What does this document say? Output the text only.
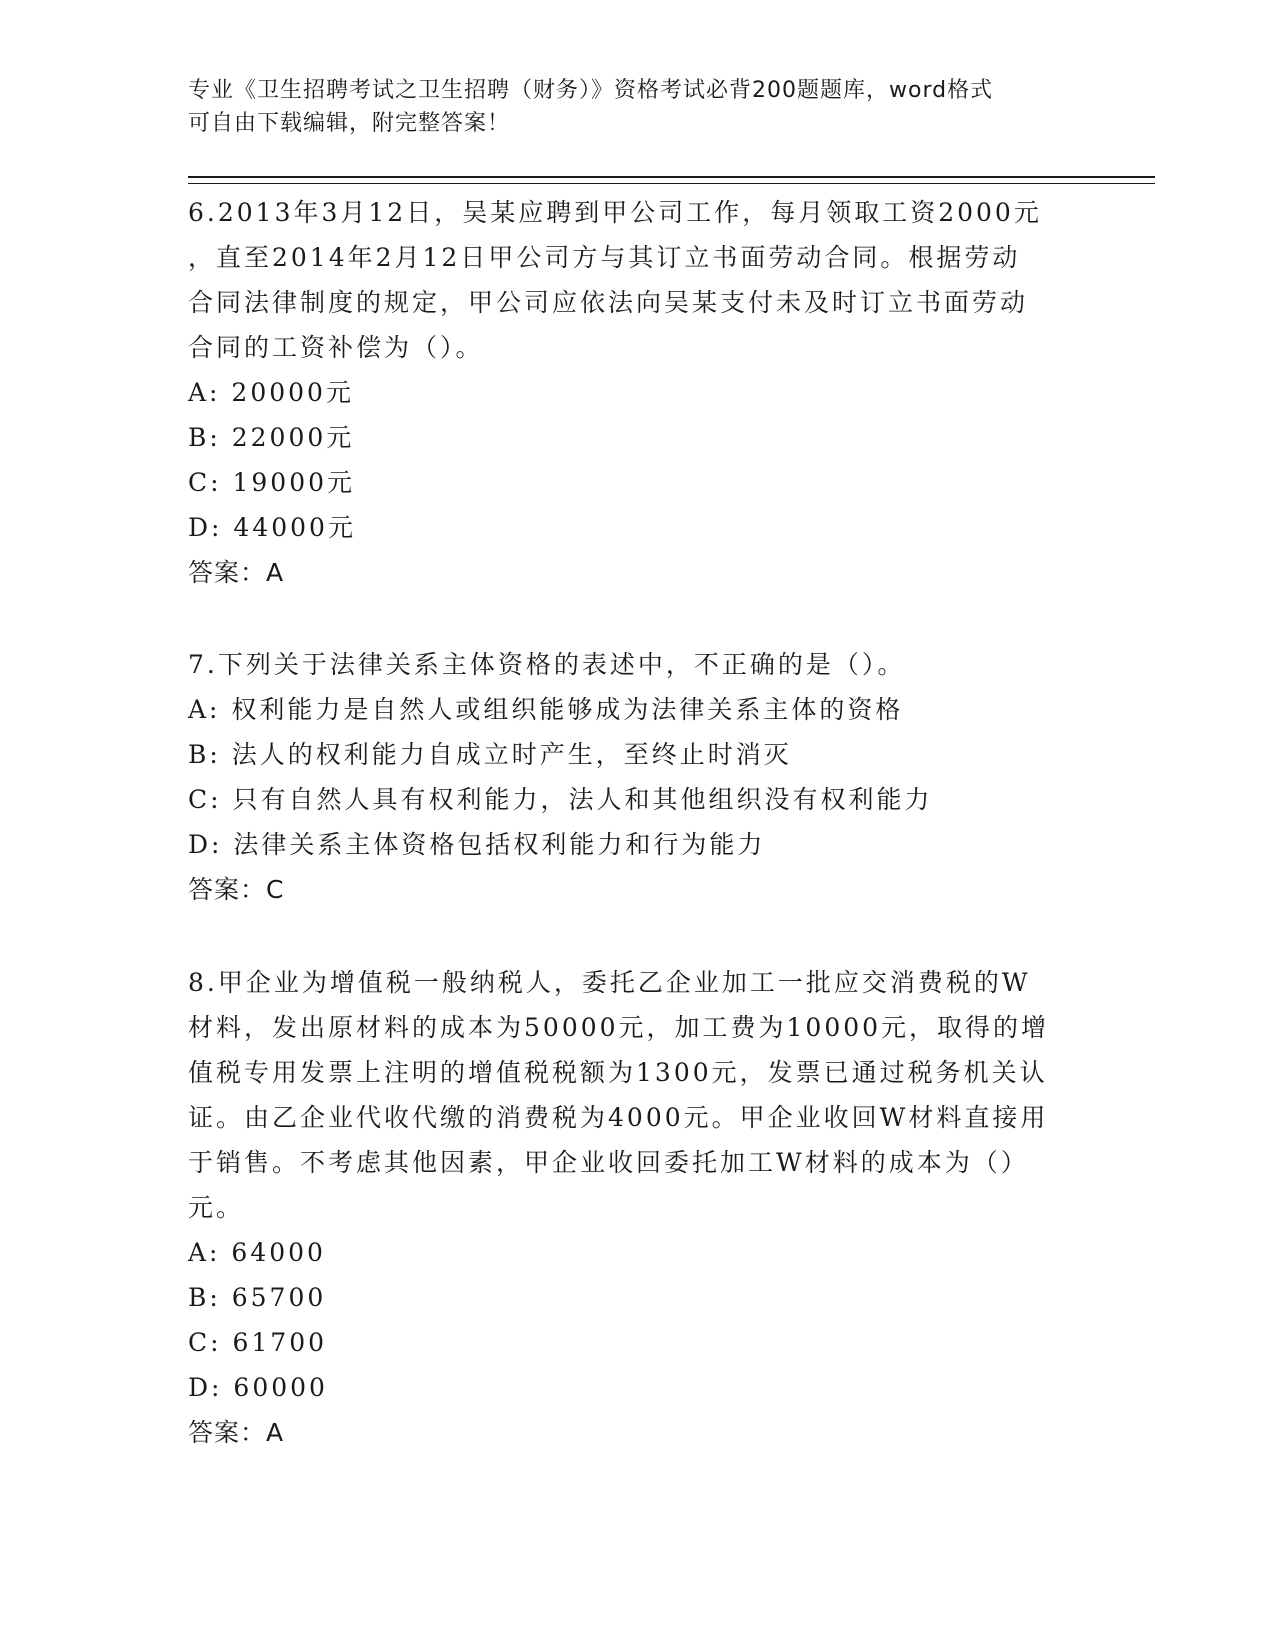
专业《卫生招聘考试之卫生招聘（财务）》资格考试必背200题题库，word格式
可自由下载编辑，附完整答案！

6.2013年3月12日，吴某应聘到甲公司工作，每月领取工资2000元

，直至2014年2月12日甲公司方与其订立书面劳动合同。根据劳动

合同法律制度的规定，甲公司应依法向吴某支付未及时订立书面劳动

合同的工资补偿为（）。

A: 20000元

B: 22000元

C: 19000元

D: 44000元

答案：A

7.下列关于法律关系主体资格的表述中，不正确的是（）。

A: 权利能力是自然人或组织能够成为法律关系主体的资格

B: 法人的权利能力自成立时产生，至终止时消灭

C: 只有自然人具有权利能力，法人和其他组织没有权利能力

D: 法律关系主体资格包括权利能力和行为能力

答案：C

8.甲企业为增值税一般纳税人，委托乙企业加工一批应交消费税的W

材料，发出原材料的成本为50000元，加工费为10000元，取得的增

值税专用发票上注明的增值税税额为1300元，发票已通过税务机关认

证。由乙企业代收代缴的消费税为4000元。甲企业收回W材料直接用

于销售。不考虑其他因素，甲企业收回委托加工W材料的成本为（）

元。

A: 64000

B: 65700

C: 61700

D: 60000

答案：A
